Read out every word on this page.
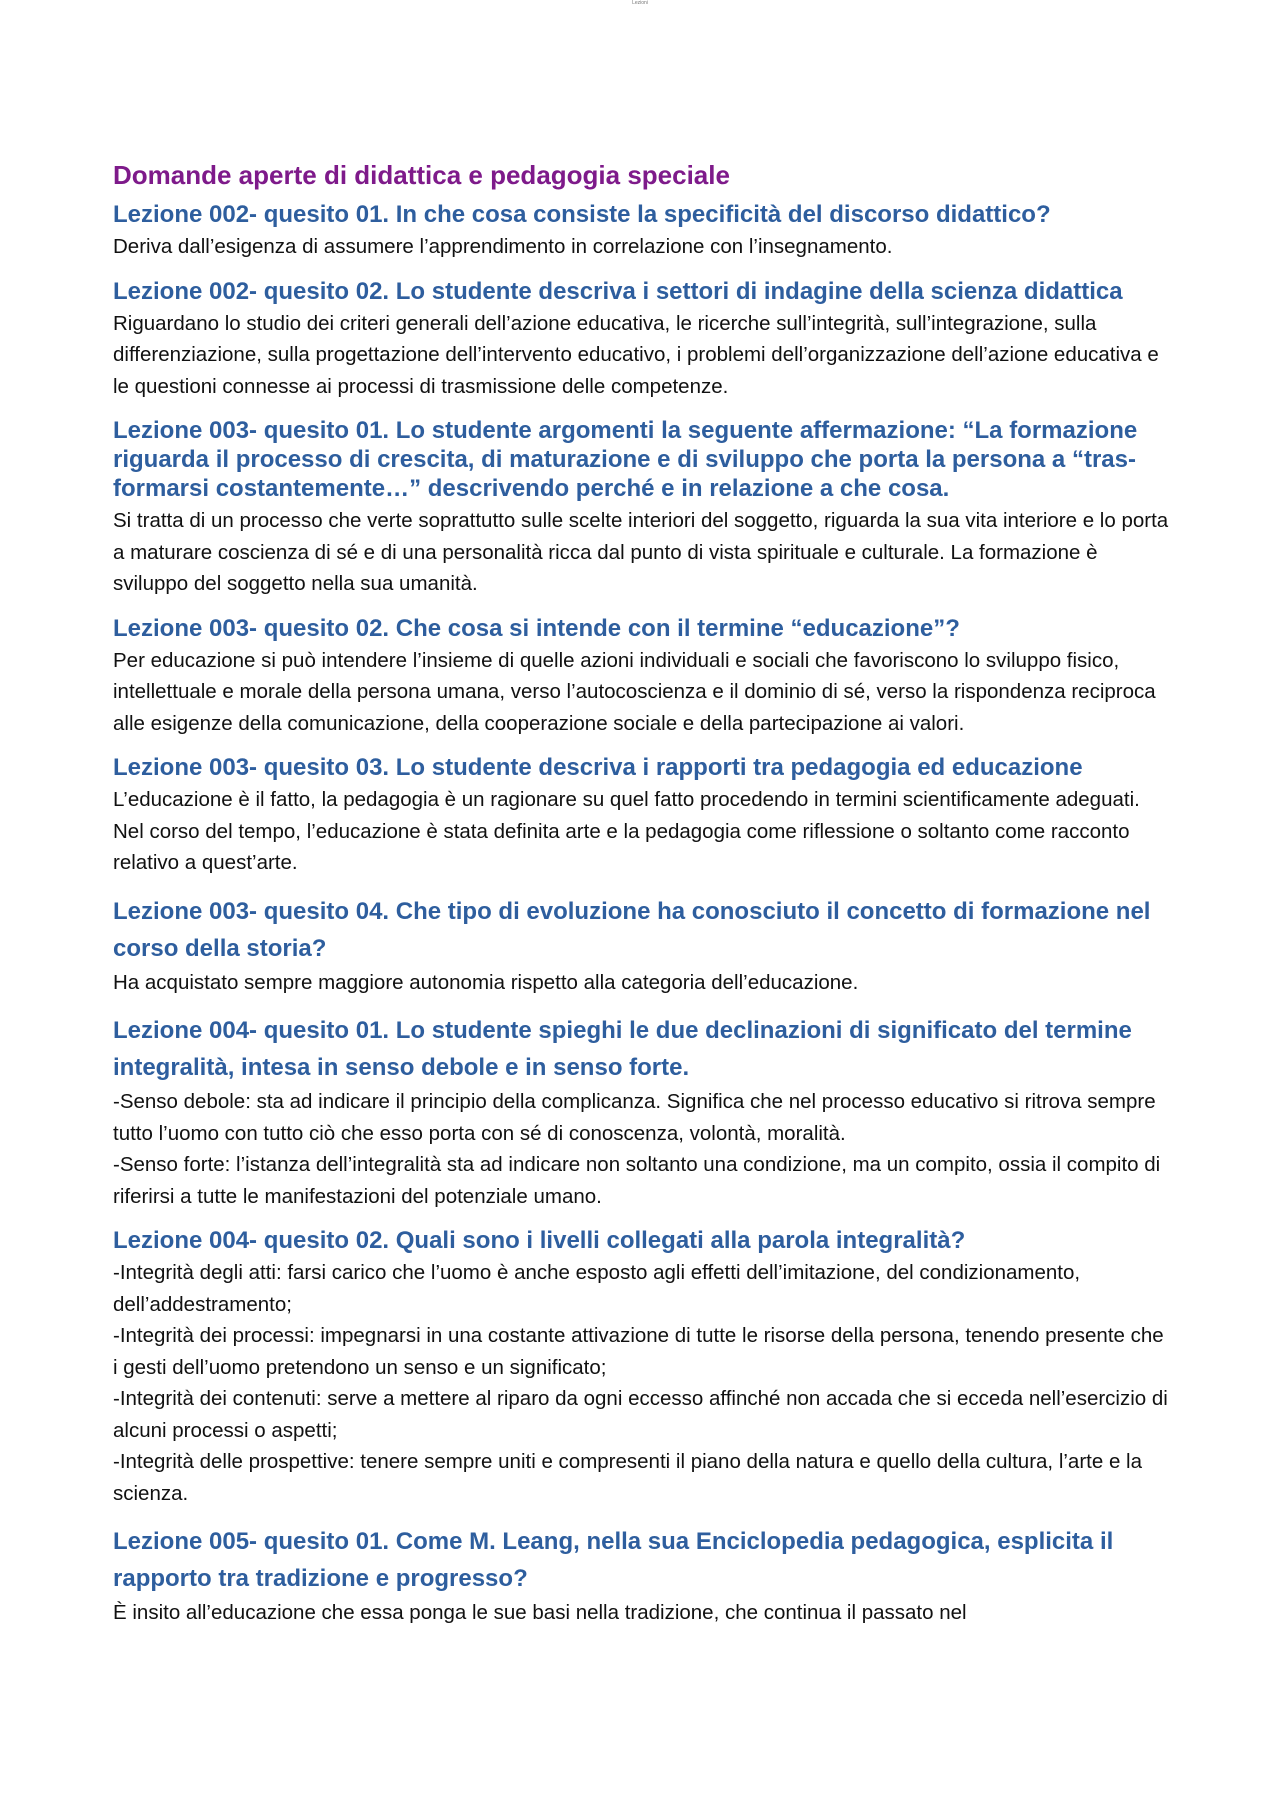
Lezioni
Domande aperte di didattica e pedagogia speciale
Lezione 002- quesito 01. In che cosa consiste la specificità del discorso didattico?

Deriva dall’esigenza di assumere l’apprendimento in correlazione con l’insegnamento.

Lezione 002- quesito 02. Lo studente descriva i settori di indagine della scienza didattica

Riguardano lo studio dei criteri generali dell’azione educativa, le ricerche sull’integrità, sull’integrazione, sulla differenziazione, sulla progettazione dell’intervento educativo, i problemi dell’organizzazione dell’azione educativa e le questioni connesse ai processi di trasmissione delle competenze.

Lezione 003- quesito 01. Lo studente argomenti la seguente affermazione: “La formazione riguarda il processo di crescita, di maturazione e di sviluppo che porta la persona a “tras-formarsi costantemente…” descrivendo perché e in relazione a che cosa.

Si tratta di un processo che verte soprattutto sulle scelte interiori del soggetto, riguarda la sua vita interiore e lo porta a maturare coscienza di sé e di una personalità ricca dal punto di vista spirituale e culturale. La formazione è sviluppo del soggetto nella sua umanità.

Lezione 003- quesito 02. Che cosa si intende con il termine “educazione”?

Per educazione si può intendere l’insieme di quelle azioni individuali e sociali che favoriscono lo sviluppo fisico, intellettuale e morale della persona umana, verso l’autocoscienza e il dominio di sé, verso la rispondenza reciproca alle esigenze della comunicazione, della cooperazione sociale e della partecipazione ai valori.

Lezione 003- quesito 03. Lo studente descriva i rapporti tra pedagogia ed educazione

L’educazione è il fatto, la pedagogia è un ragionare su quel fatto procedendo in termini scientificamente adeguati. Nel corso del tempo, l’educazione è stata definita arte e la pedagogia come riflessione o soltanto come racconto relativo a quest’arte.

Lezione 003- quesito 04. Che tipo di evoluzione ha conosciuto il concetto di formazione nel corso della storia?

Ha acquistato sempre maggiore autonomia rispetto alla categoria dell’educazione.

Lezione 004- quesito 01. Lo studente spieghi le due declinazioni di significato del termine integralità, intesa in senso debole e in senso forte.

-Senso debole: sta ad indicare il principio della complicanza. Significa che nel processo educativo si ritrova sempre tutto l’uomo con tutto ciò che esso porta con sé di conoscenza, volontà, moralità.
-Senso forte: l’istanza dell’integralità sta ad indicare non soltanto una condizione, ma un compito, ossia il compito di riferirsi a tutte le manifestazioni del potenziale umano.

Lezione 004- quesito 02. Quali sono i livelli collegati alla parola integralità?

-Integrità degli atti: farsi carico che l’uomo è anche esposto agli effetti dell’imitazione, del condizionamento, dell’addestramento;
-Integrità dei processi: impegnarsi in una costante attivazione di tutte le risorse della persona, tenendo presente che i gesti dell’uomo pretendono un senso e un significato;
-Integrità dei contenuti: serve a mettere al riparo da ogni eccesso affinché non accada che si ecceda nell’esercizio di alcuni processi o aspetti;
-Integrità delle prospettive: tenere sempre uniti e compresenti il piano della natura e quello della cultura, l’arte e la scienza.

Lezione 005- quesito 01. Come M. Leang, nella sua Enciclopedia pedagogica, esplicita il rapporto tra tradizione e progresso?

È insito all’educazione che essa ponga le sue basi nella tradizione, che continua il passato nel
